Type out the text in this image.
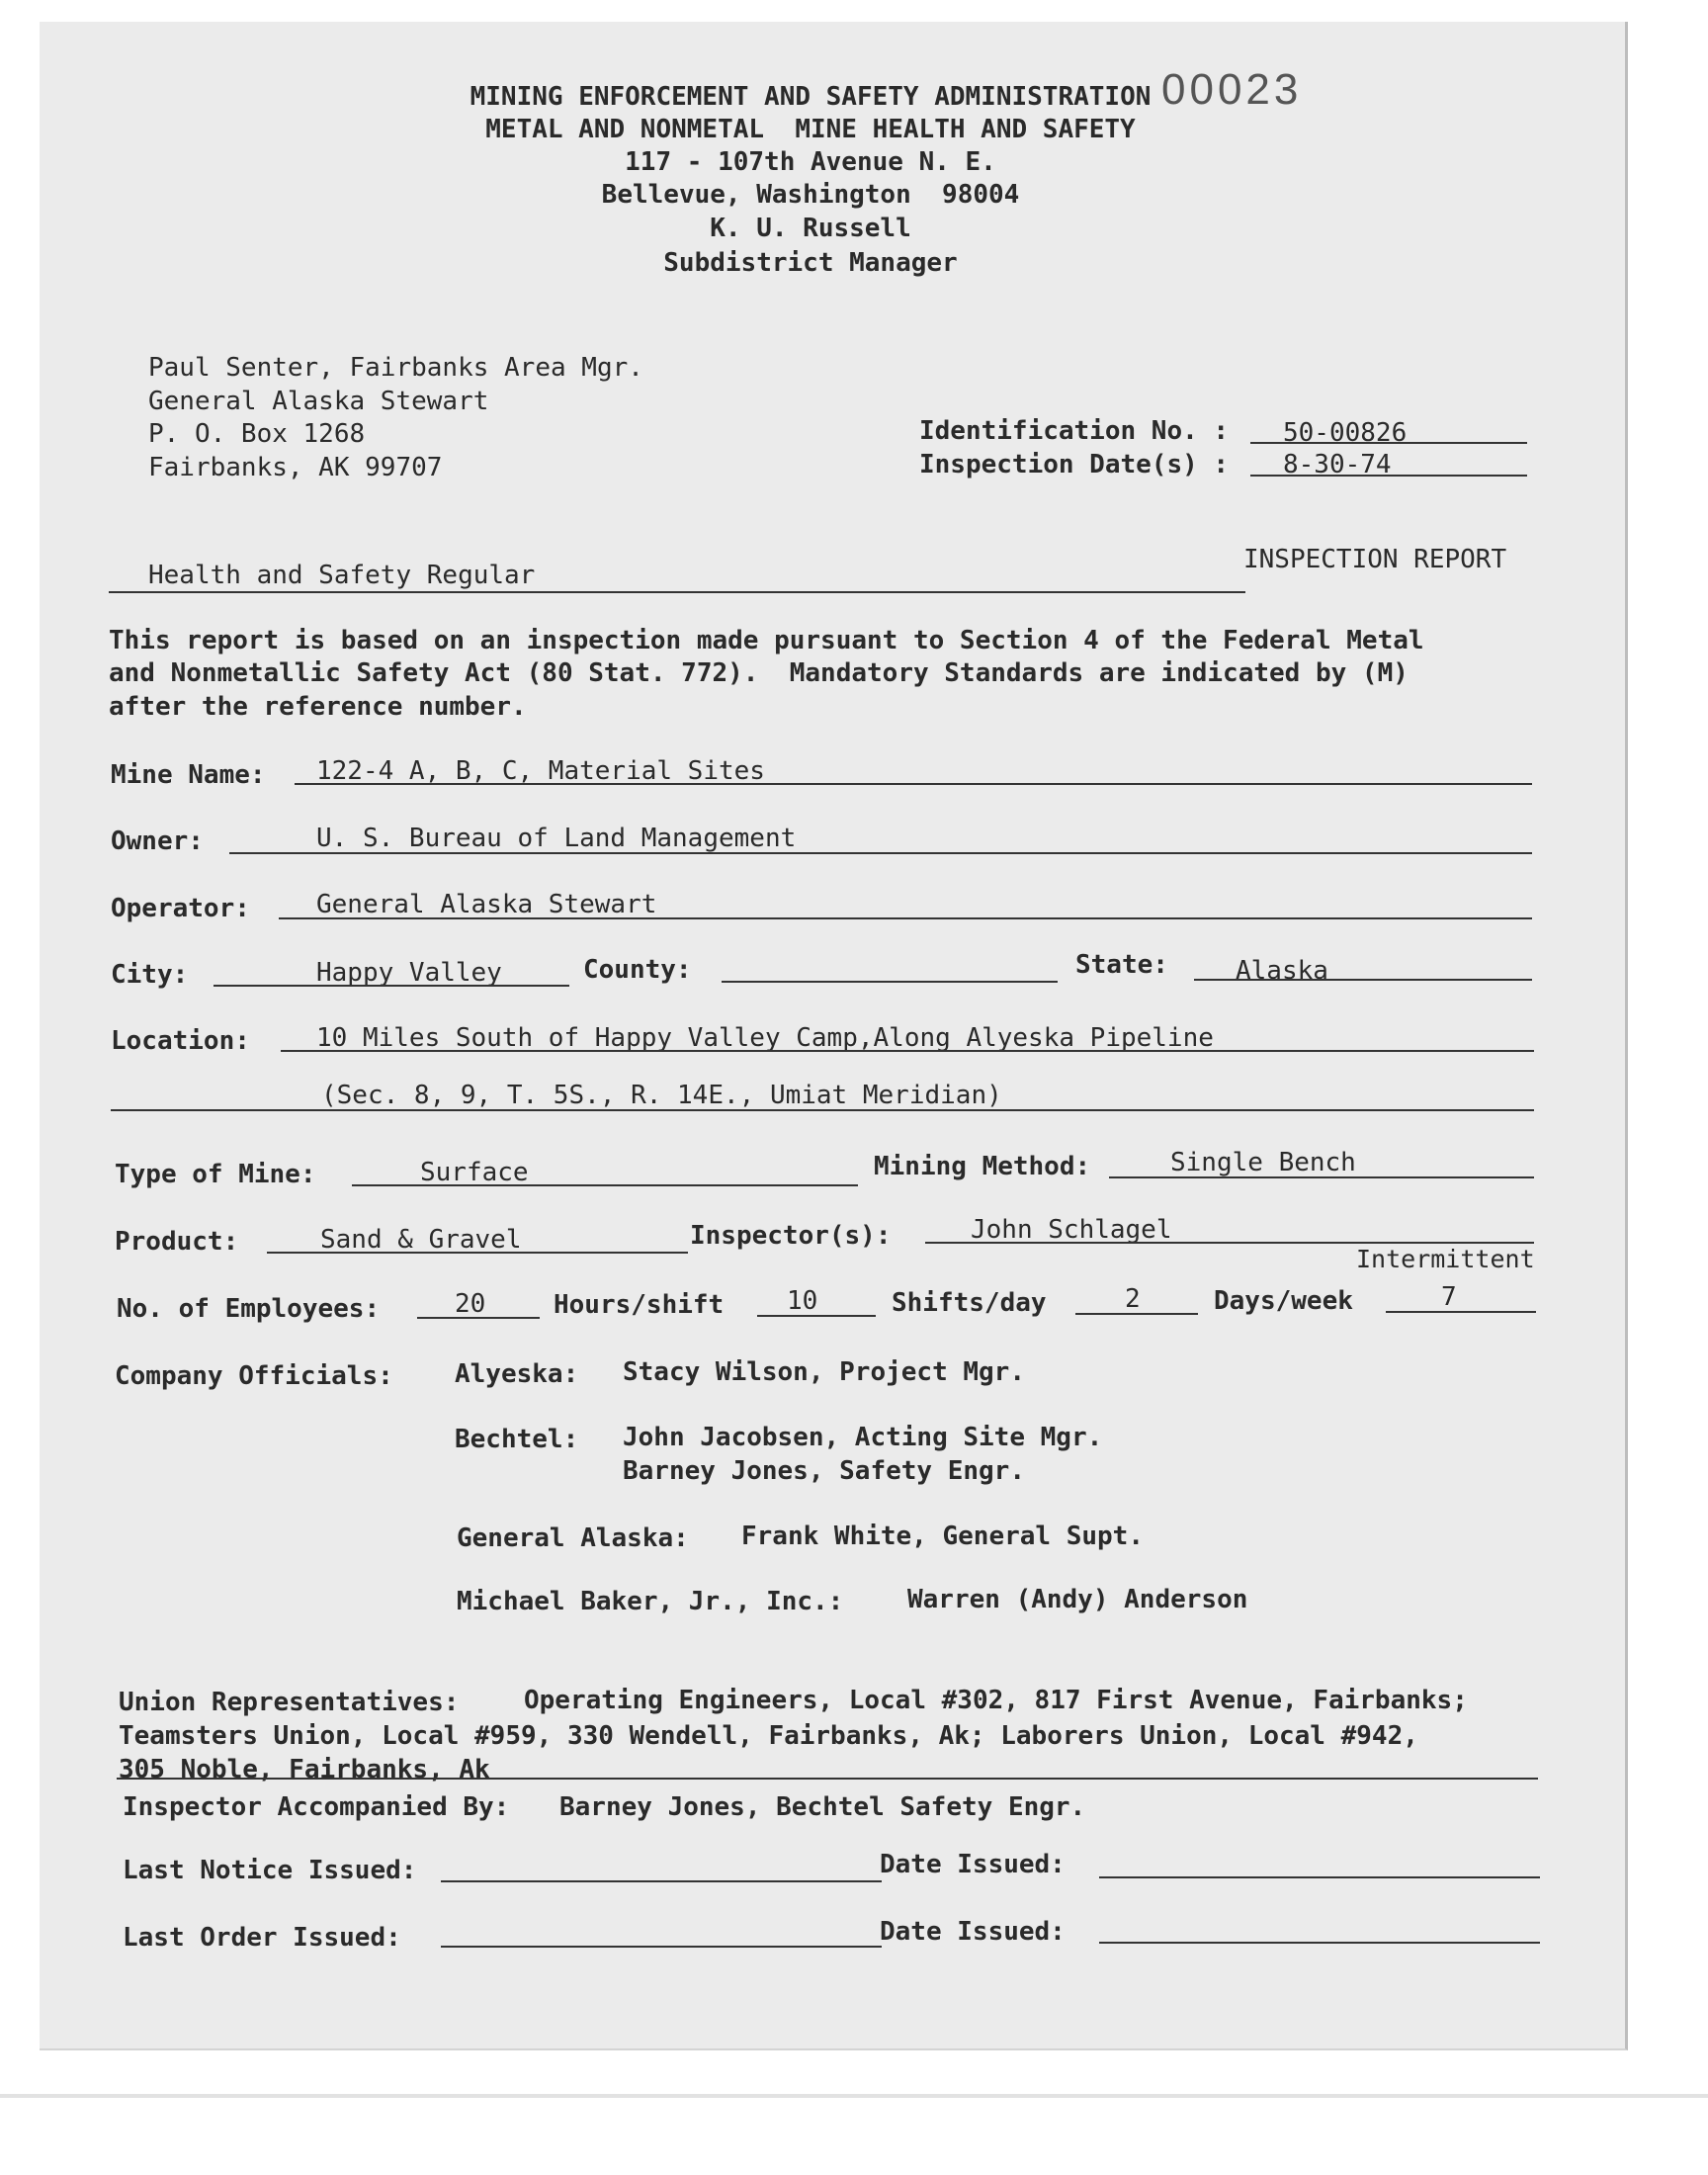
MINING ENFORCEMENT AND SAFETY ADMINISTRATION
METAL AND NONMETAL  MINE HEALTH AND SAFETY
117 - 107th Avenue N. E.
Bellevue, Washington  98004
K. U. Russell
Subdistrict Manager
00023
Paul Senter, Fairbanks Area Mgr.
General Alaska Stewart
P. O. Box 1268
Fairbanks, AK 99707
Identification No. : 50-00826
Inspection Date(s) : 8-30-74
Health and Safety Regular
INSPECTION REPORT
This report is based on an inspection made pursuant to Section 4 of the Federal Metal
and Nonmetallic Safety Act (80 Stat. 772).  Mandatory Standards are indicated by (M)
after the reference number.
Mine Name: 122-4 A, B, C, Material Sites
Owner:	U. S. Bureau of Land Management
Operator:	General Alaska Stewart
City:	Happy Valley	County:	State:	Alaska
Location:	10 Miles South of Happy Valley Camp,Along Alyeska Pipeline
(Sec. 8, 9, T. 5S., R. 14E., Umiat Meridian)
Type of Mine:	Surface	Mining Method:	Single Bench
Product:	Sand & Gravel	Inspector(s):	John Schlagel
Intermittent
No. of Employees:	20	Hours/shift 10	Shifts/day	2	Days/week	7
Company Officials: Alyeska: Stacy Wilson, Project Mgr.
Bechtel: John Jacobsen, Acting Site Mgr.
Barney Jones, Safety Engr.
General Alaska: Frank White, General Supt.
Michael Baker, Jr., Inc.: Warren (Andy) Anderson
Union Representatives:	Operating Engineers, Local #302, 817 First Avenue, Fairbanks;
Teamsters Union, Local #959, 330 Wendell, Fairbanks, Ak; Laborers Union, Local #942,
305 Noble, Fairbanks, Ak
Inspector Accompanied By: Barney Jones, Bechtel Safety Engr.
Last Notice Issued:	Date Issued:
Last Order Issued:	Date Issued:
